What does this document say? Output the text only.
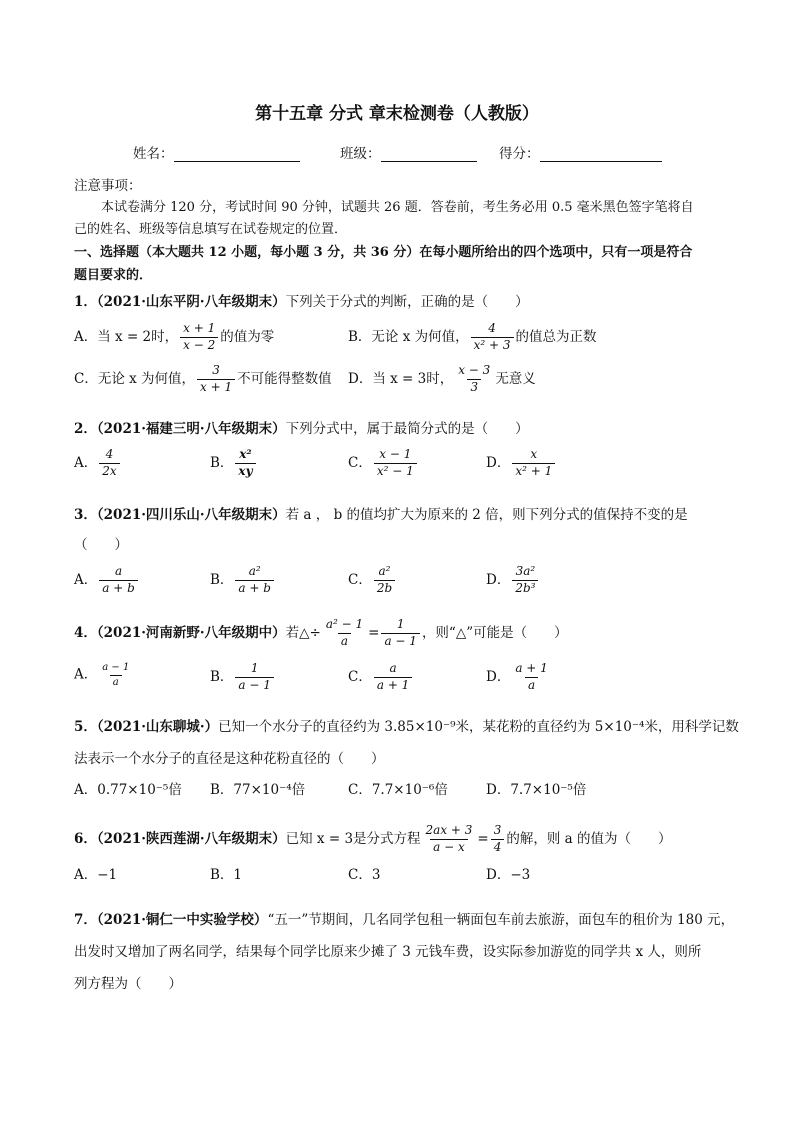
第十五章 分式 章末检测卷（人教版）
姓名：	班级：	得分：
注意事项：
本试卷满分 120 分，考试时间 90 分钟，试题共 26 题．答卷前，考生务必用 0.5 毫米黑色签字笔将自
己的姓名、班级等信息填写在试卷规定的位置．
一、选择题（本大题共 12 小题，每小题 3 分，共 36 分）在每小题所给出的四个选项中，只有一项是符合
题目要求的．
1．（2021·山东平阴·八年级期末）下列关于分式的判断，正确的是（　　）
A．当 x = 2时， $\frac{x + 1}{x - 2}$ 的值为零	B．无论 x 为何值， $\frac{4}{\text{x² + 3}}$ 的值总为正数
C．无论 x 为何值， $\frac{3}{x + 1}$ 不可能得整数值 D．当 x = 3时， $\frac{x - 3}{3}$ 无意义
2．（2021·福建三明·八年级期末）下列分式中，属于最简分式的是（　　）
A． $\frac{4}{2x}$	B． $\frac{\text{x²}}{xy}$	C． $\frac{x - 1}{\text{x² − 1}}$	D． $\frac{x}{\text{x² + 1}}$
3．（2021·四川乐山·八年级期末）若 a ， b 的值均扩大为原来的 2 倍，则下列分式的值保持不变的是
（　　）
A． $\frac{a}{a + b}$	B． $\frac{\text{a²}}{a + b}$	C． $\frac{\text{a²}}{2b}$	D． $\frac{\text{3a²}}{\text{2b³}}$
4．（2021·河南新野·八年级期中）若△÷ $\frac{\text{a² − 1}}{a} = \frac{1}{a - 1}$ ，则“△”可能是（　　）
A． $\frac{a - 1}{a}$	B． $\frac{1}{a - 1}$	C． $\frac{a}{a + 1}$	D． $\frac{a + 1}{a}$
5．（2021·山东聊城·）已知一个水分子的直径约为 3.85×10⁻⁹米，某花粉的直径约为 5×10⁻⁴米，用科学记数
法表示一个水分子的直径是这种花粉直径的（　　）
A．0.77×10⁻⁵倍 B．77×10⁻⁴倍	C．7.7×10⁻⁶倍	D．7.7×10⁻⁵倍
6．（2021·陕西莲湖·八年级期末）已知 x = 3是分式方程 $\frac{2ax + 3}{a - x} = \frac{3}{4}$ 的解，则 a 的值为（　　）
A．−1	B．1	C．3	D．−3
7．（2021·铜仁一中实验学校）“五一”节期间，几名同学包租一辆面包车前去旅游，面包车的租价为 180 元，
出发时又增加了两名同学，结果每个同学比原来少摊了 3 元钱车费，设实际参加游览的同学共 x 人，则所
列方程为（　　）
